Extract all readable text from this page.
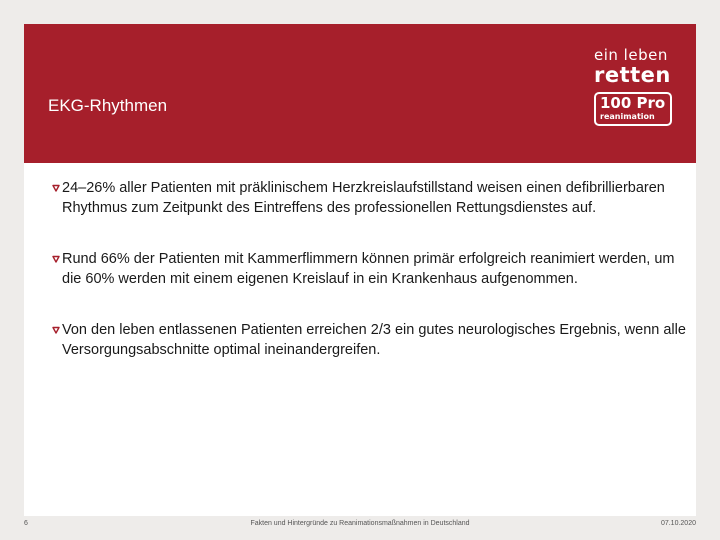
EKG-Rhythmen
ein leben
retten
100 Pro
reanimation
24–26% aller Patienten mit präklinischem Herzkreislaufstillstand weisen einen defibrillierbaren Rhythmus zum Zeitpunkt des Eintreffens des professionellen Rettungsdienstes auf.
Rund 66% der Patienten mit Kammerflimmern können primär erfolgreich reanimiert werden, um die 60% werden mit einem eigenen Kreislauf in ein Krankenhaus aufgenommen.
Von den leben entlassenen Patienten erreichen 2/3 ein gutes neurologisches Ergebnis, wenn alle Versorgungsabschnitte optimal ineinandergreifen.
6	Fakten und Hintergründe zu Reanimationsmaßnahmen in Deutschland	07.10.2020
